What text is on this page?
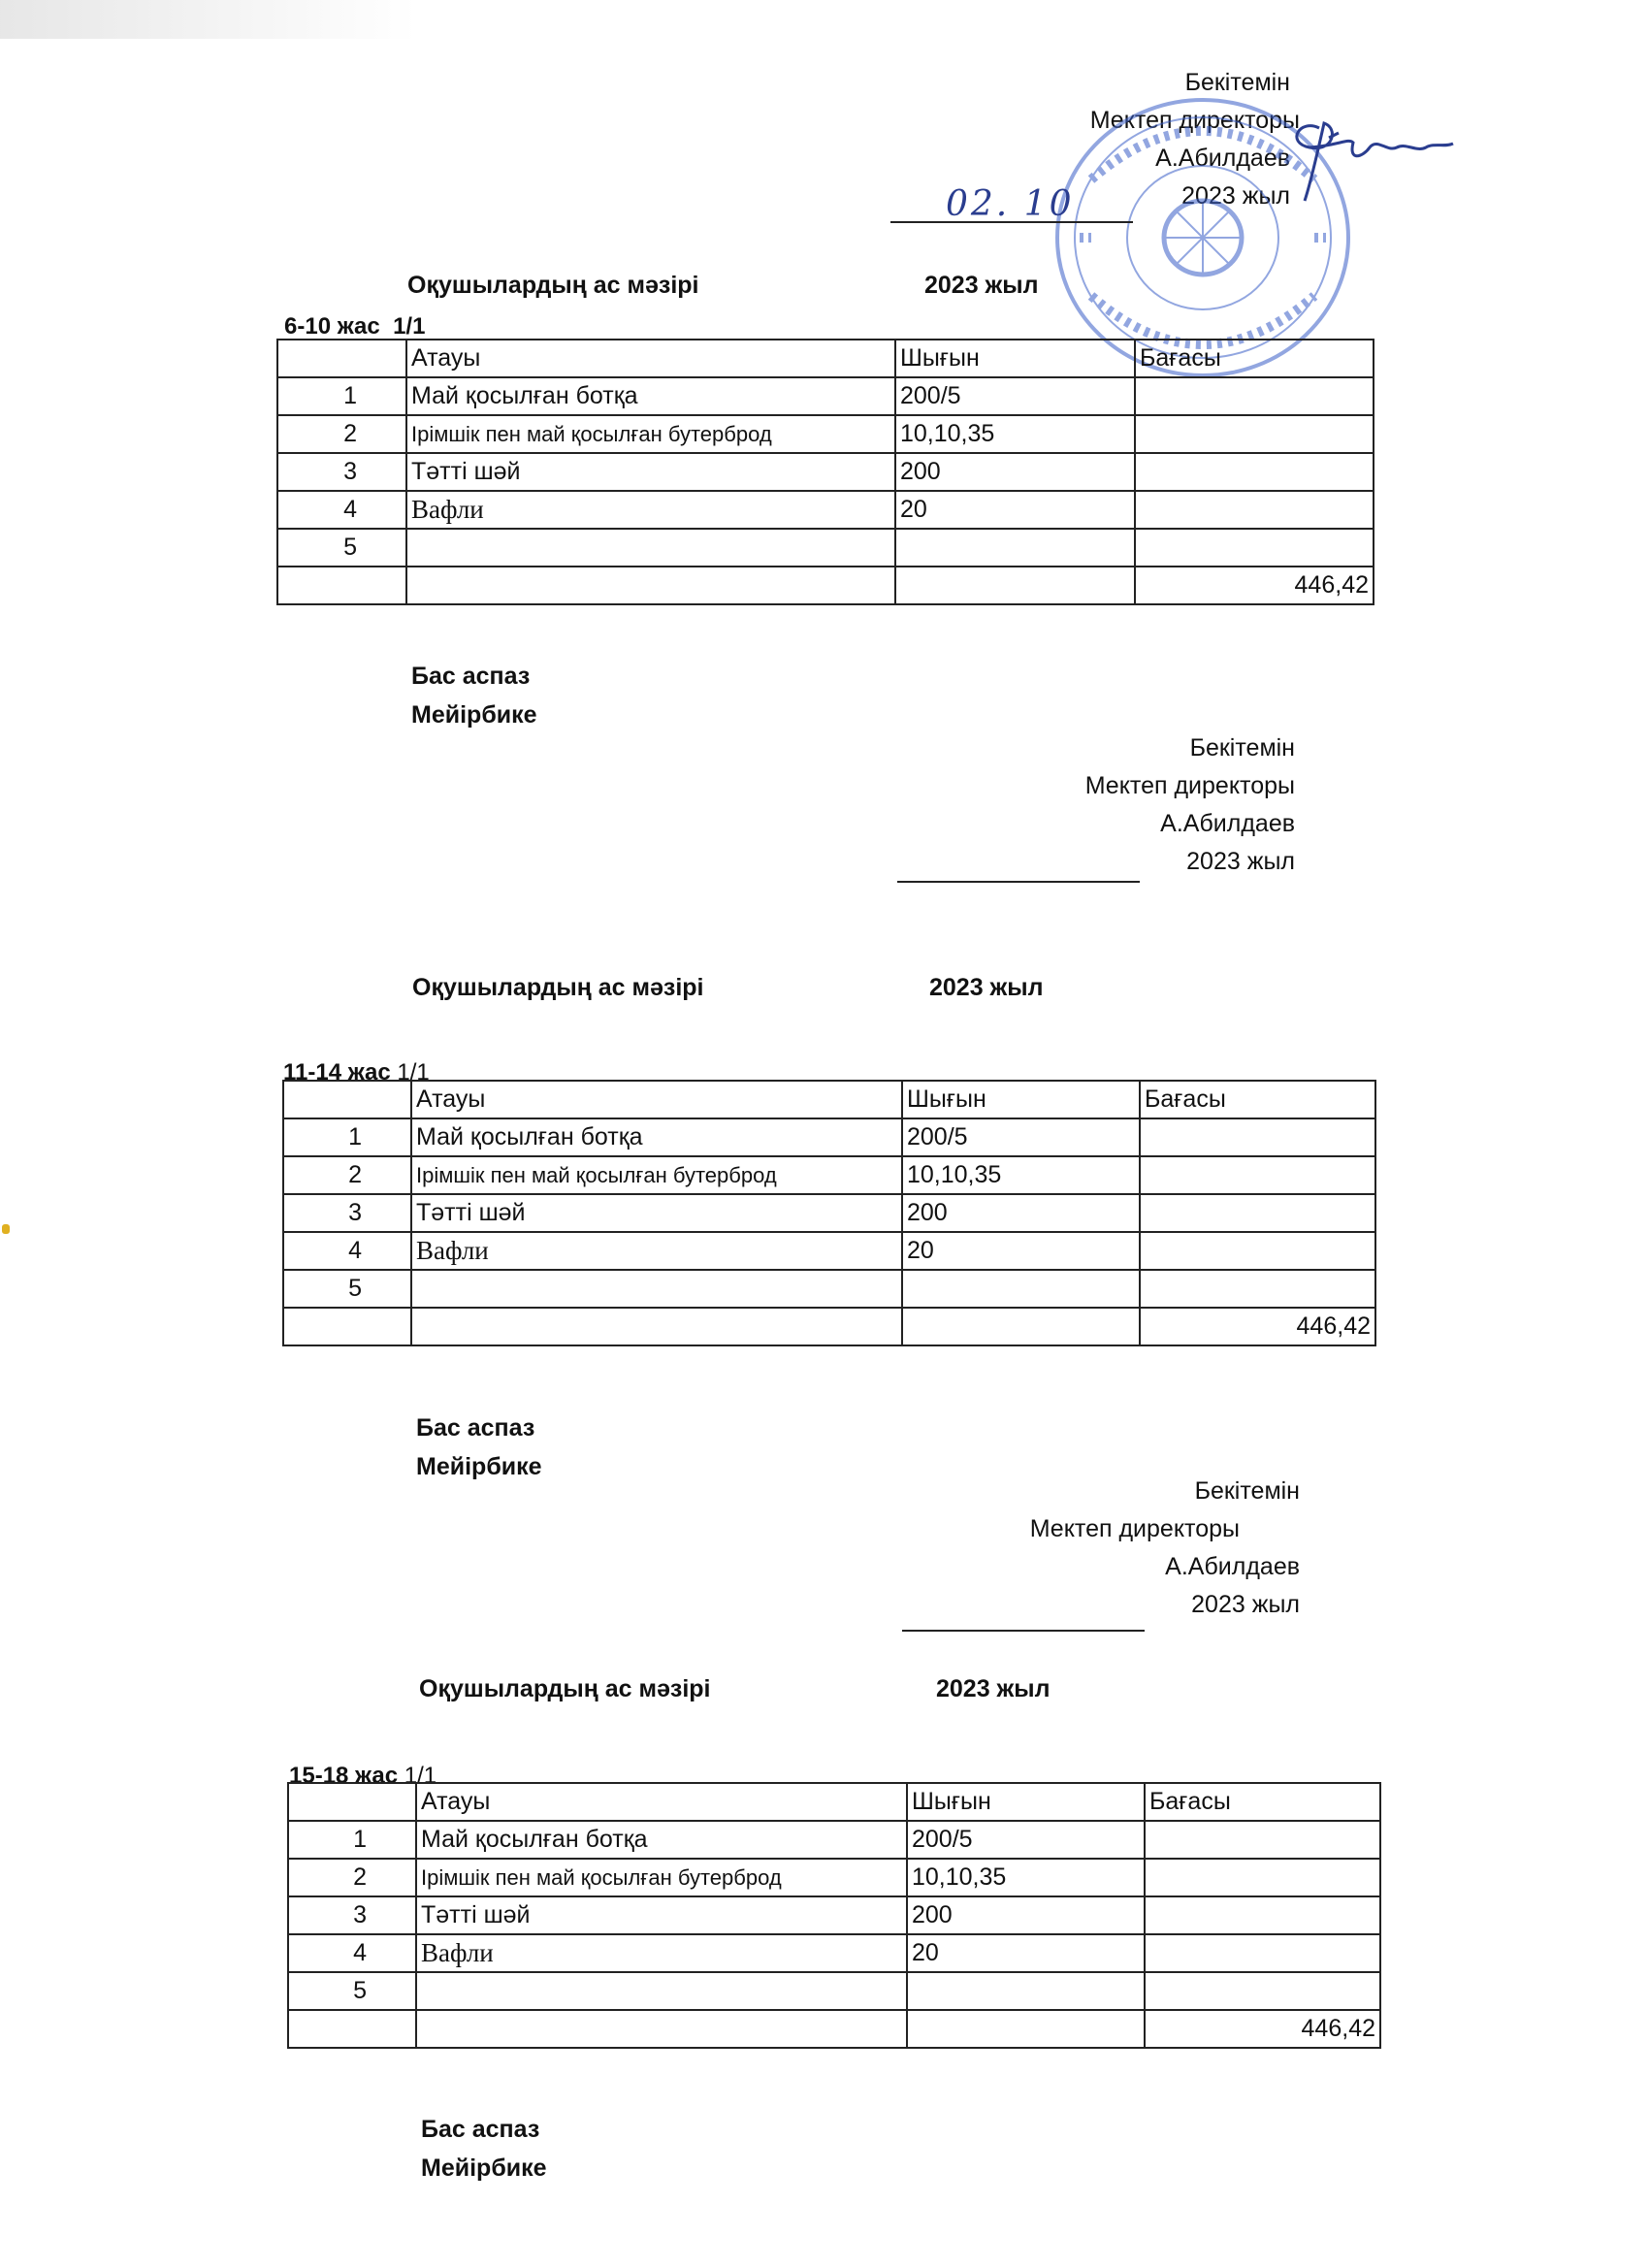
Бекітемін
Мектеп директоры
А.Абилдаев
2023 жыл
02. 10
Оқушылардың ас мәзірі	2023 жыл
6-10 жас 1/1
	Атауы	Шығын	Бағасы
1	Май қосылған ботқа	200/5	
2	Ірімшік пен май қосылған бутерброд	10,10,35	
3	Тәтті шәй	200	
4	Вафли	20	
5			
			446,42
Бас аспаз
Мейірбике
Бекітемін
Мектеп директоры
А.Абилдаев
2023 жыл
Оқушылардың ас мәзірі	2023 жыл
11-14 жас 1/1
	Атауы	Шығын	Бағасы
1	Май қосылған ботқа	200/5	
2	Ірімшік пен май қосылған бутерброд	10,10,35	
3	Тәтті шәй	200	
4	Вафли	20	
5			
			446,42
Бас аспаз
Мейірбике
Бекітемін
Мектеп директоры
А.Абилдаев
2023 жыл
Оқушылардың ас мәзірі	2023 жыл
15-18 жас 1/1
	Атауы	Шығын	Бағасы
1	Май қосылған ботқа	200/5	
2	Ірімшік пен май қосылған бутерброд	10,10,35	
3	Тәтті шәй	200	
4	Вафли	20	
5			
			446,42
Бас аспаз
Мейірбике
